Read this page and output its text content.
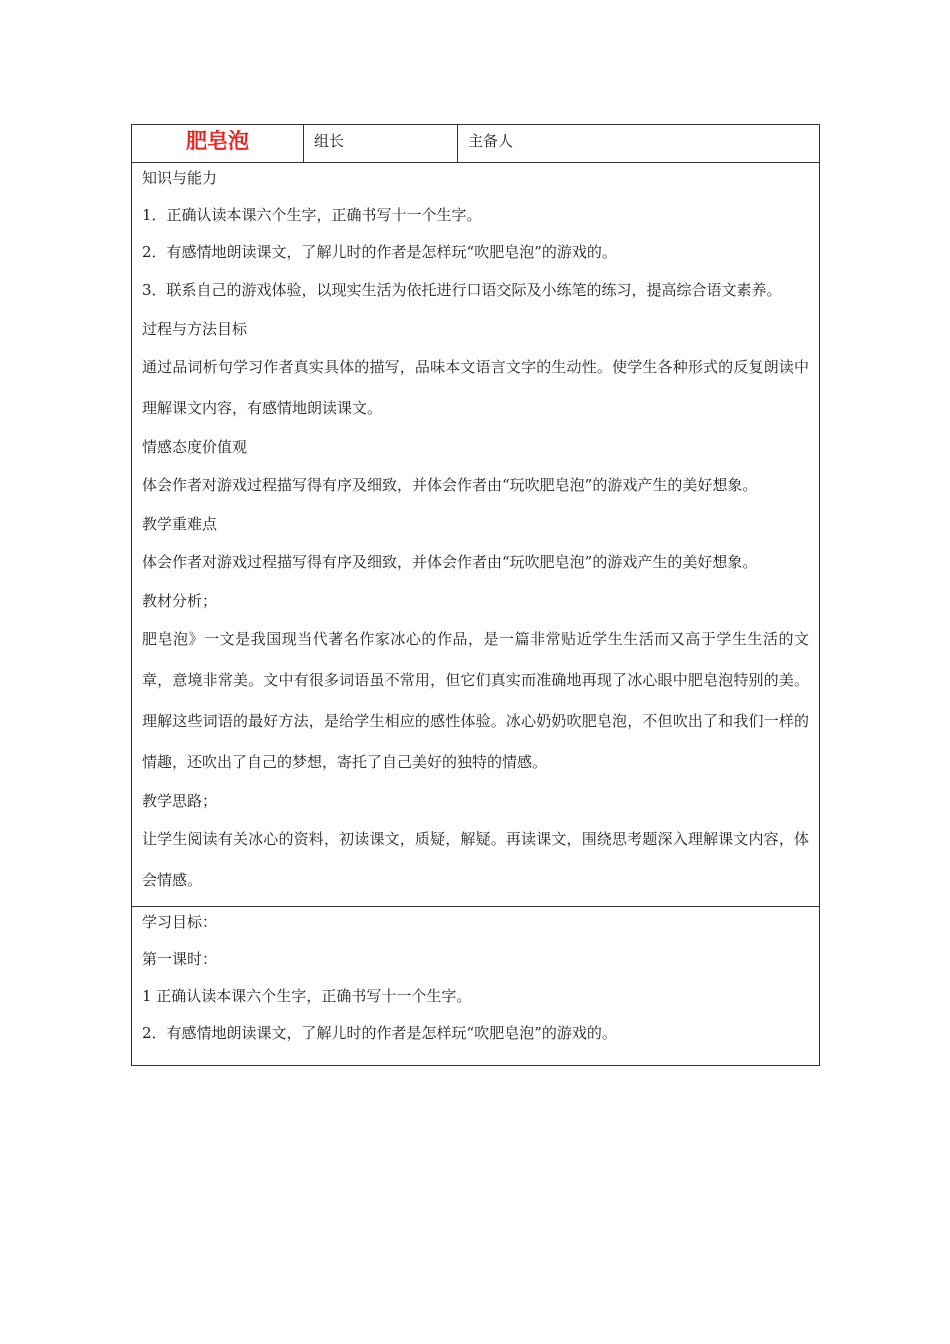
肥皂泡	组长	主备人

知识与能力
1．正确认读本课六个生字，正确书写十一个生字。
2．有感情地朗读课文，了解儿时的作者是怎样玩“吹肥皂泡”的游戏的。
3．联系自己的游戏体验，以现实生活为依托进行口语交际及小练笔的练习，提高综合语文素养。
过程与方法目标
通过品词析句学习作者真实具体的描写，品味本文语言文字的生动性。使学生各种形式的反复朗读中理解课文内容，有感情地朗读课文。
情感态度价值观
体会作者对游戏过程描写得有序及细致，并体会作者由“玩吹肥皂泡”的游戏产生的美好想象。
教学重难点
体会作者对游戏过程描写得有序及细致，并体会作者由“玩吹肥皂泡”的游戏产生的美好想象。
教材分析；
肥皂泡》一文是我国现当代著名作家冰心的作品，是一篇非常贴近学生生活而又高于学生生活的文章，意境非常美。文中有很多词语虽不常用，但它们真实而准确地再现了冰心眼中肥皂泡特别的美。理解这些词语的最好方法，是给学生相应的感性体验。冰心奶奶吹肥皂泡，不但吹出了和我们一样的情趣，还吹出了自己的梦想，寄托了自己美好的独特的情感。
教学思路；
让学生阅读有关冰心的资料，初读课文，质疑，解疑。再读课文，围绕思考题深入理解课文内容，体会情感。

学习目标：
第一课时：
1 正确认读本课六个生字，正确书写十一个生字。
2．有感情地朗读课文，了解儿时的作者是怎样玩“吹肥皂泡”的游戏的。
